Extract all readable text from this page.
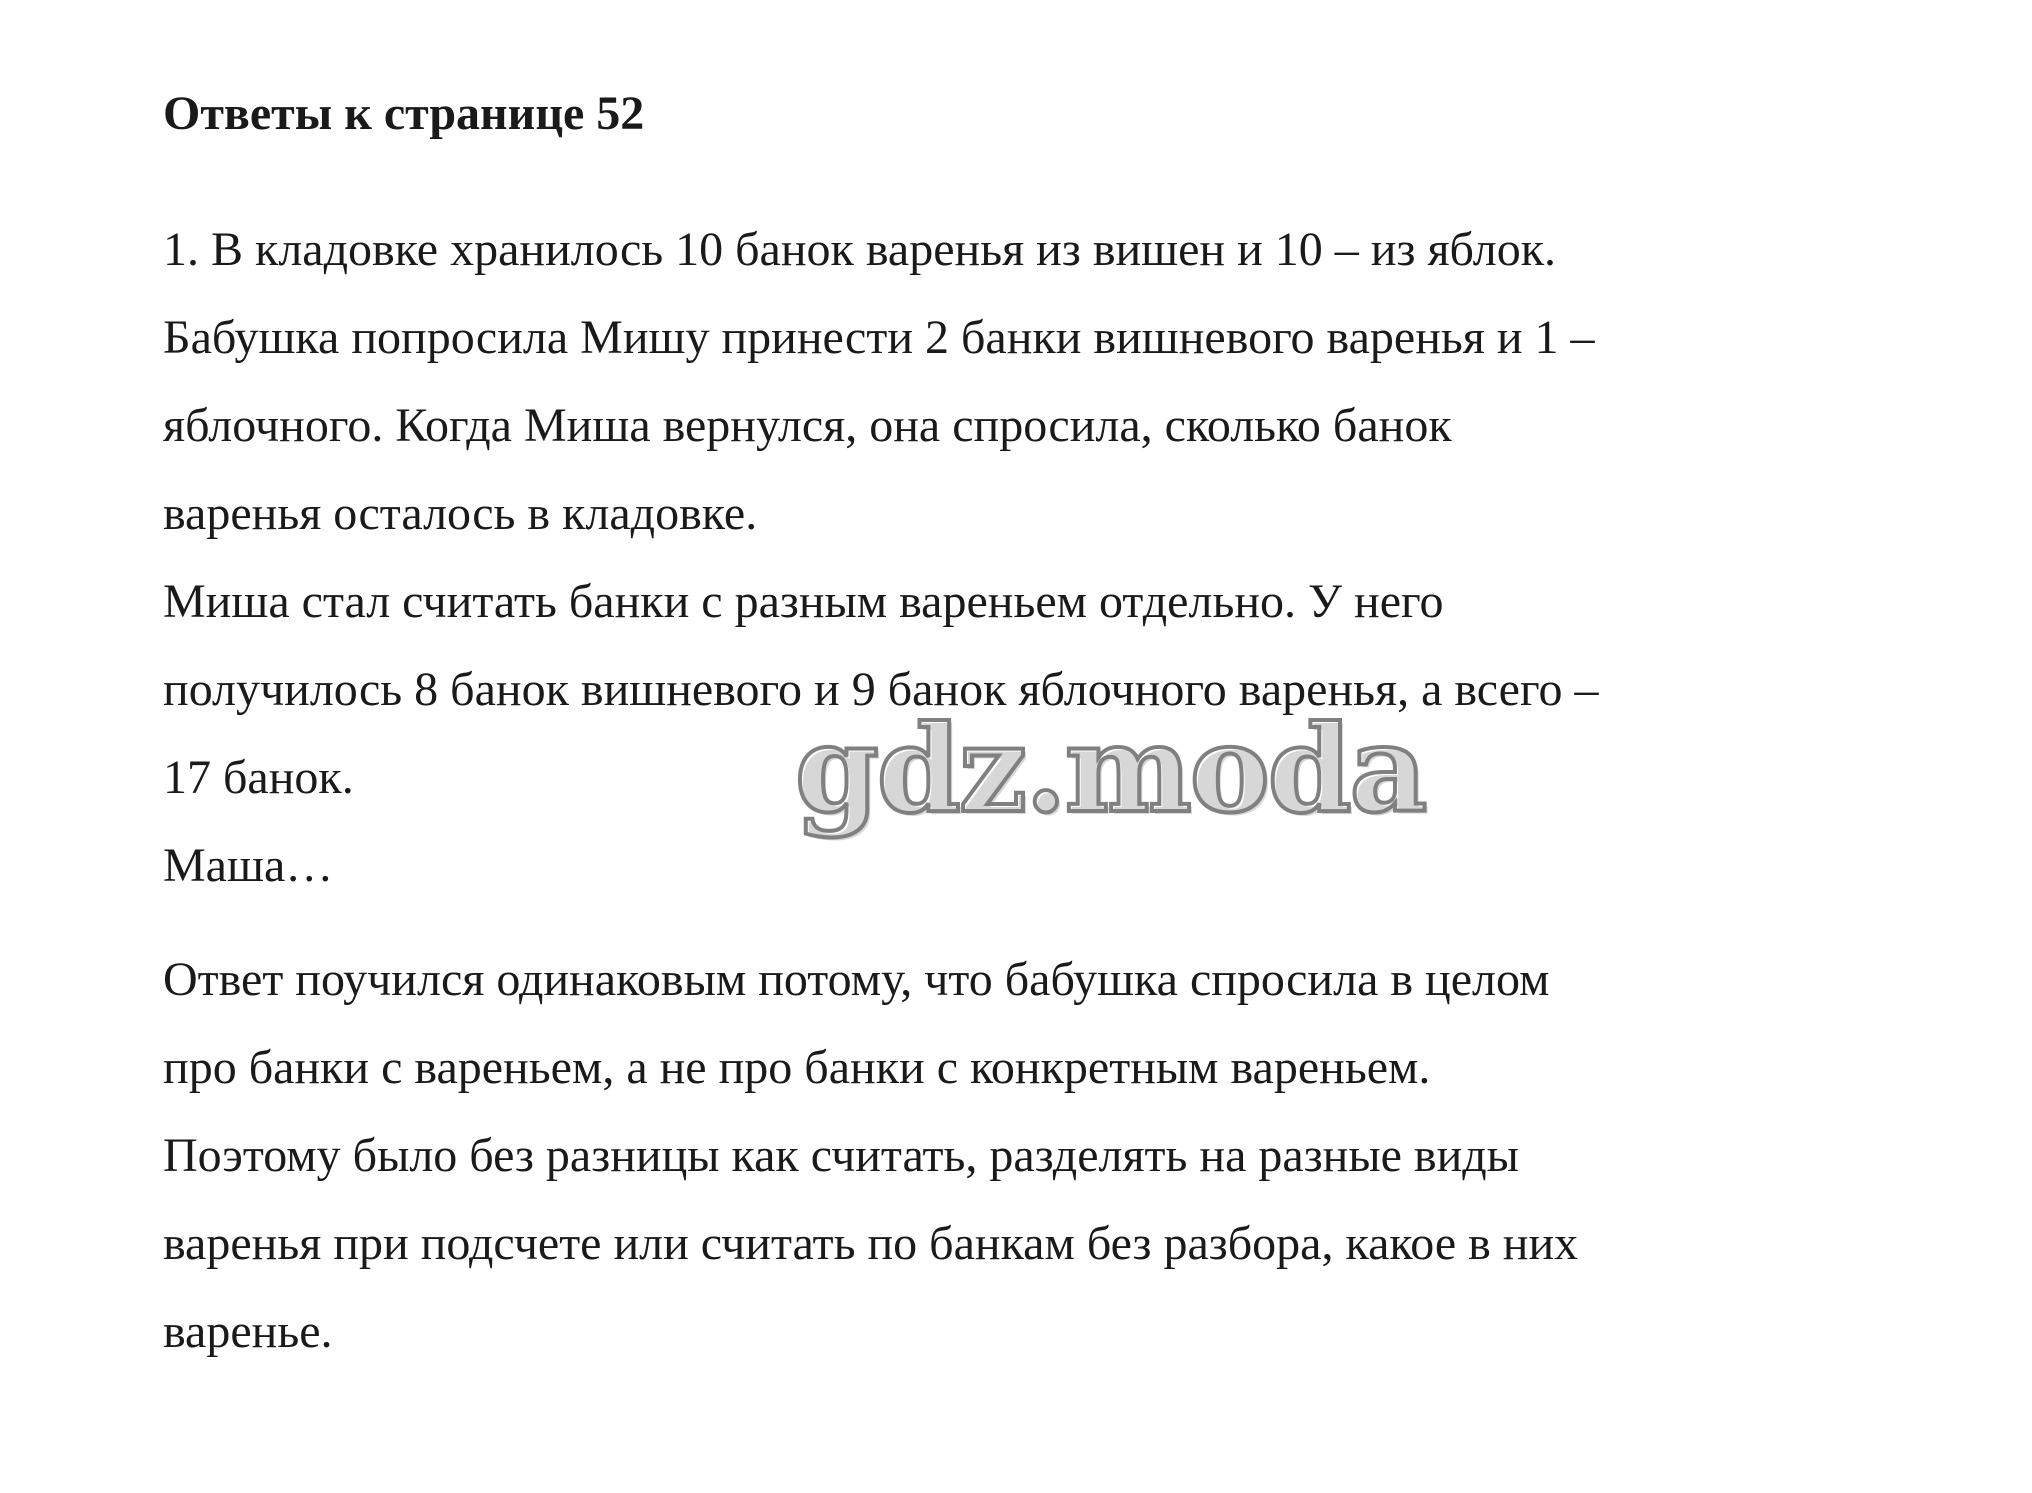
Ответы к странице 52

1. В кладовке хранилось 10 банок варенья из вишен и 10 – из яблок.

Бабушка попросила Мишу принести 2 банки вишневого варенья и 1 –

яблочного. Когда Миша вернулся, она спросила, сколько банок

варенья осталось в кладовке.

Миша стал считать банки с разным вареньем отдельно. У него

получилось 8 банок вишневого и 9 банок яблочного варенья, а всего –

17 банок.

Маша…

Ответ поучился одинаковым потому, что бабушка спросила в целом

про банки с вареньем, а не про банки с конкретным вареньем.

Поэтому было без разницы как считать, разделять на разные виды

варенья при подсчете или считать по банкам без разбора, какое в них

варенье.

gdz.moda
